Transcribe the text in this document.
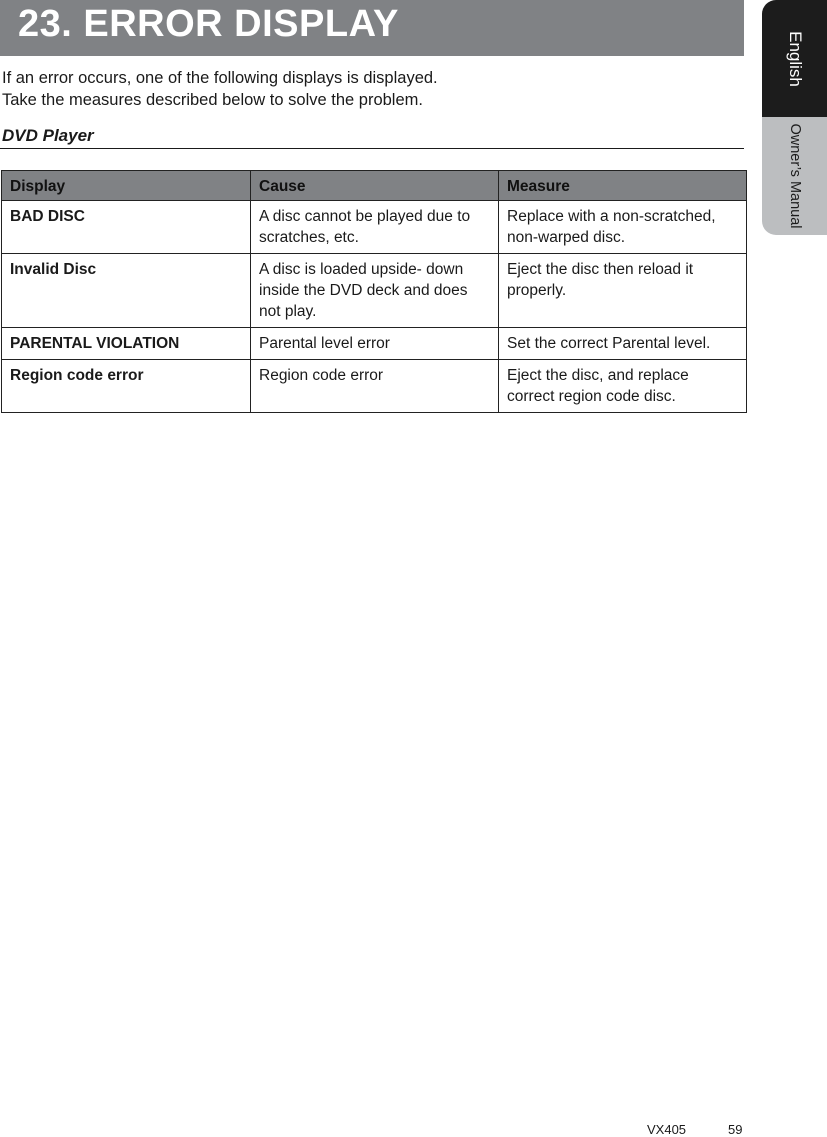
23. ERROR DISPLAY
If an error occurs, one of the following displays is displayed.
Take the measures described below to solve the problem.
DVD Player
Display	Cause	Measure
BAD DISC	A disc cannot be played due to scratches, etc.	Replace with a non-scratched, non-warped disc.
Invalid Disc	A disc is loaded upside- down inside the DVD deck and does not play.	Eject the disc then reload it properly.
PARENTAL VIOLATION	Parental level error	Set the correct Parental level.
Region code error	Region code error	Eject the disc, and replace correct region code disc.
English
Owner’s Manual
VX405	59
